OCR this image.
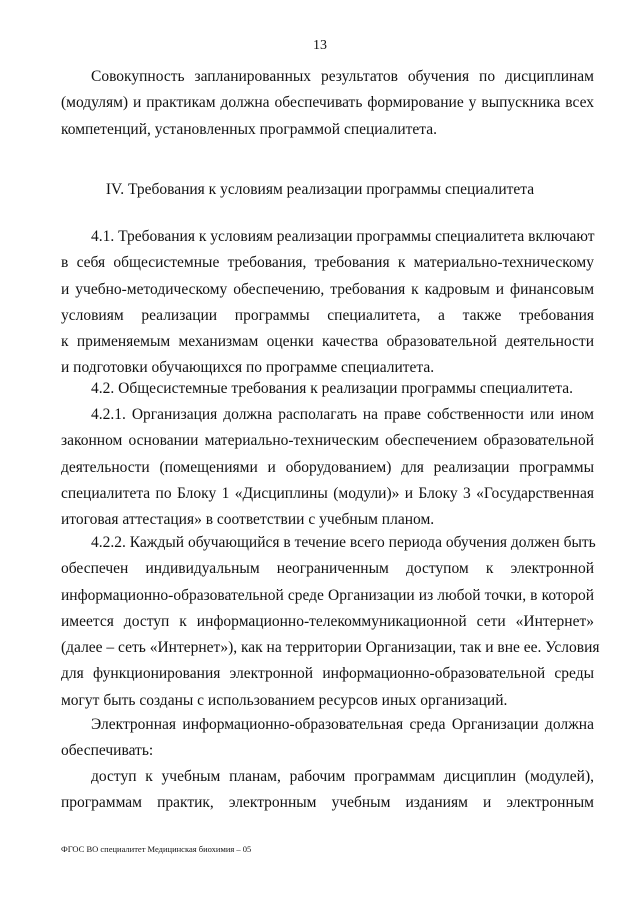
13
Совокупность запланированных результатов обучения по дисциплинам
(модулям) и практикам должна обеспечивать формирование у выпускника всех
компетенций, установленных программой специалитета.
IV. Требования к условиям реализации программы специалитета
4.1. Требования к условиям реализации программы специалитета включают
в себя общесистемные требования, требования к материально-техническому
и учебно-методическому обеспечению, требования к кадровым и финансовым
условиям реализации программы специалитета, а также требования
к применяемым механизмам оценки качества образовательной деятельности
и подготовки обучающихся по программе специалитета.
4.2. Общесистемные требования к реализации программы специалитета.
4.2.1. Организация должна располагать на праве собственности или ином
законном основании материально-техническим обеспечением образовательной
деятельности (помещениями и оборудованием) для реализации программы
специалитета по Блоку 1 «Дисциплины (модули)» и Блоку 3 «Государственная
итоговая аттестация» в соответствии с учебным планом.
4.2.2. Каждый обучающийся в течение всего периода обучения должен быть
обеспечен индивидуальным неограниченным доступом к электронной
информационно-образовательной среде Организации из любой точки, в которой
имеется доступ к информационно-телекоммуникационной сети «Интернет»
(далее – сеть «Интернет»), как на территории Организации, так и вне ее. Условия
для функционирования электронной информационно-образовательной среды
могут быть созданы с использованием ресурсов иных организаций.
Электронная информационно-образовательная среда Организации должна
обеспечивать:
доступ к учебным планам, рабочим программам дисциплин (модулей),
программам практик, электронным учебным изданиям и электронным
ФГОС ВО специалитет Медицинская биохимия – 05
